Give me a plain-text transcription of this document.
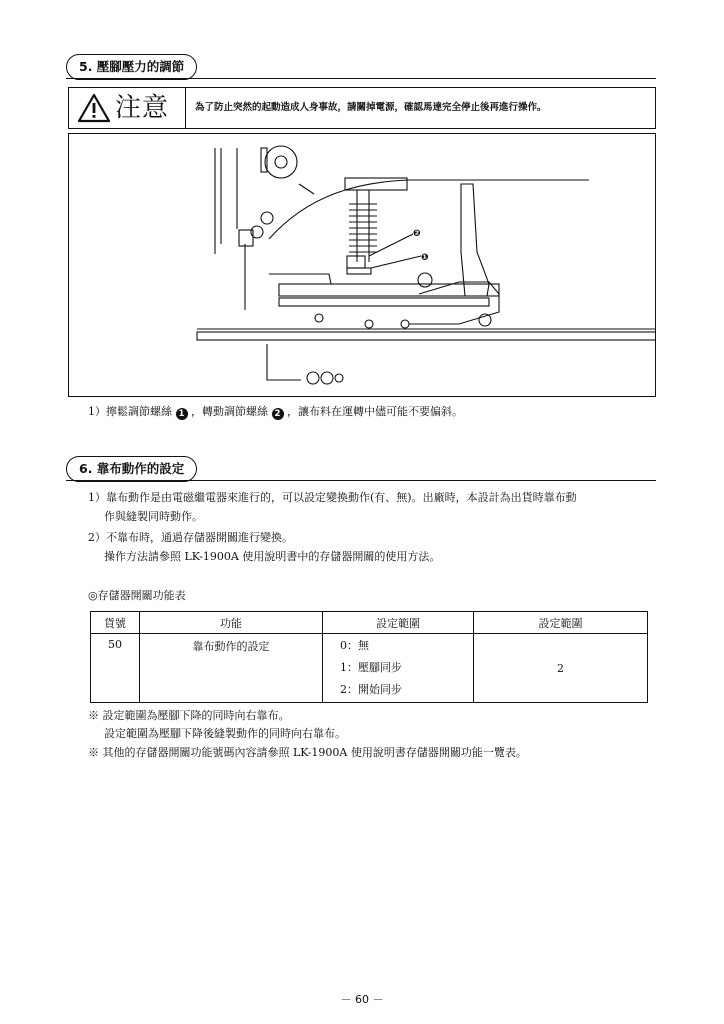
5. 壓腳壓力的調節
注意	為了防止突然的起動造成人身事故，請關掉電源，確認馬達完全停止後再進行操作。
❷
❶
1）擰鬆調節螺絲 1 ，轉動調節螺絲 2 ，讓布料在運轉中儘可能不要偏斜。
6. 靠布動作的設定
1）靠布動作是由電磁繼電器來進行的，可以設定變換動作(有、無)。出廠時，本設計為出貨時靠布動
作與縫製同時動作。
2）不靠布時，通過存儲器開關進行變換。
操作方法請參照 LK-1900A 使用說明書中的存儲器開關的使用方法。
◎存儲器開關功能表
貨號	功能	設定範圍	設定範圍
50	靠布動作的設定	0：無
1：壓腳同步
2：開始同步	2
※ 設定範圍為壓腳下降的同時向右靠布。
設定範圍為壓腳下降後縫製動作的同時向右靠布。
※ 其他的存儲器開關功能號碼內容請參照 LK-1900A 使用說明書存儲器開關功能一覽表。
－ 60 －
